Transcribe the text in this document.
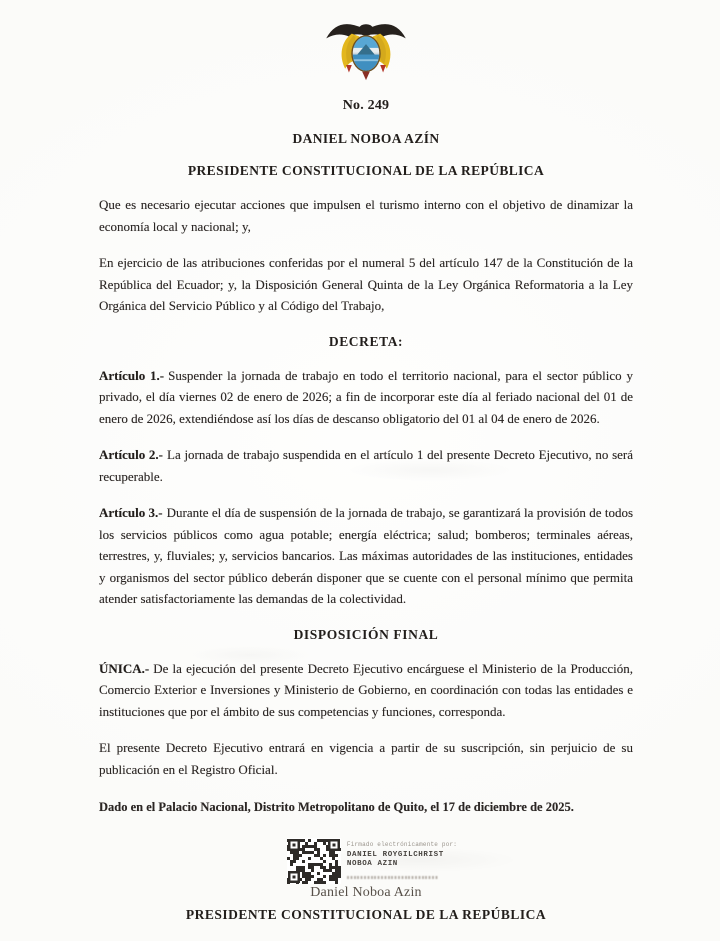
No. 249
DANIEL NOBOA AZÍN
PRESIDENTE CONSTITUCIONAL DE LA REPÚBLICA

Que es necesario ejecutar acciones que impulsen el turismo interno con el objetivo de dinamizar la economía local y nacional; y,

En ejercicio de las atribuciones conferidas por el numeral 5 del artículo 147 de la Constitución de la República del Ecuador; y, la Disposición General Quinta de la Ley Orgánica Reformatoria a la Ley Orgánica del Servicio Público y al Código del Trabajo,

DECRETA:

Artículo 1.- Suspender la jornada de trabajo en todo el territorio nacional, para el sector público y privado, el día viernes 02 de enero de 2026; a fin de incorporar este día al feriado nacional del 01 de enero de 2026, extendiéndose así los días de descanso obligatorio del 01 al 04 de enero de 2026.

Artículo 2.- La jornada de trabajo suspendida en el artículo 1 del presente Decreto Ejecutivo, no será recuperable.

Artículo 3.- Durante el día de suspensión de la jornada de trabajo, se garantizará la provisión de todos los servicios públicos como agua potable; energía eléctrica; salud; bomberos; terminales aéreas, terrestres, y, fluviales; y, servicios bancarios. Las máximas autoridades de las instituciones, entidades y organismos del sector público deberán disponer que se cuente con el personal mínimo que permita atender satisfactoriamente las demandas de la colectividad.

DISPOSICIÓN FINAL

ÚNICA.- De la ejecución del presente Decreto Ejecutivo encárguese el Ministerio de la Producción, Comercio Exterior e Inversiones y Ministerio de Gobierno, en coordinación con todas las entidades e instituciones que por el ámbito de sus competencias y funciones, corresponda.

El presente Decreto Ejecutivo entrará en vigencia a partir de su suscripción, sin perjuicio de su publicación en el Registro Oficial.

Dado en el Palacio Nacional, Distrito Metropolitano de Quito, el 17 de diciembre de 2025.

Firmado electrónicamente por:
DANIEL ROYGILCHRIST
NOBOA AZIN
Daniel Noboa Azin
PRESIDENTE CONSTITUCIONAL DE LA REPÚBLICA
